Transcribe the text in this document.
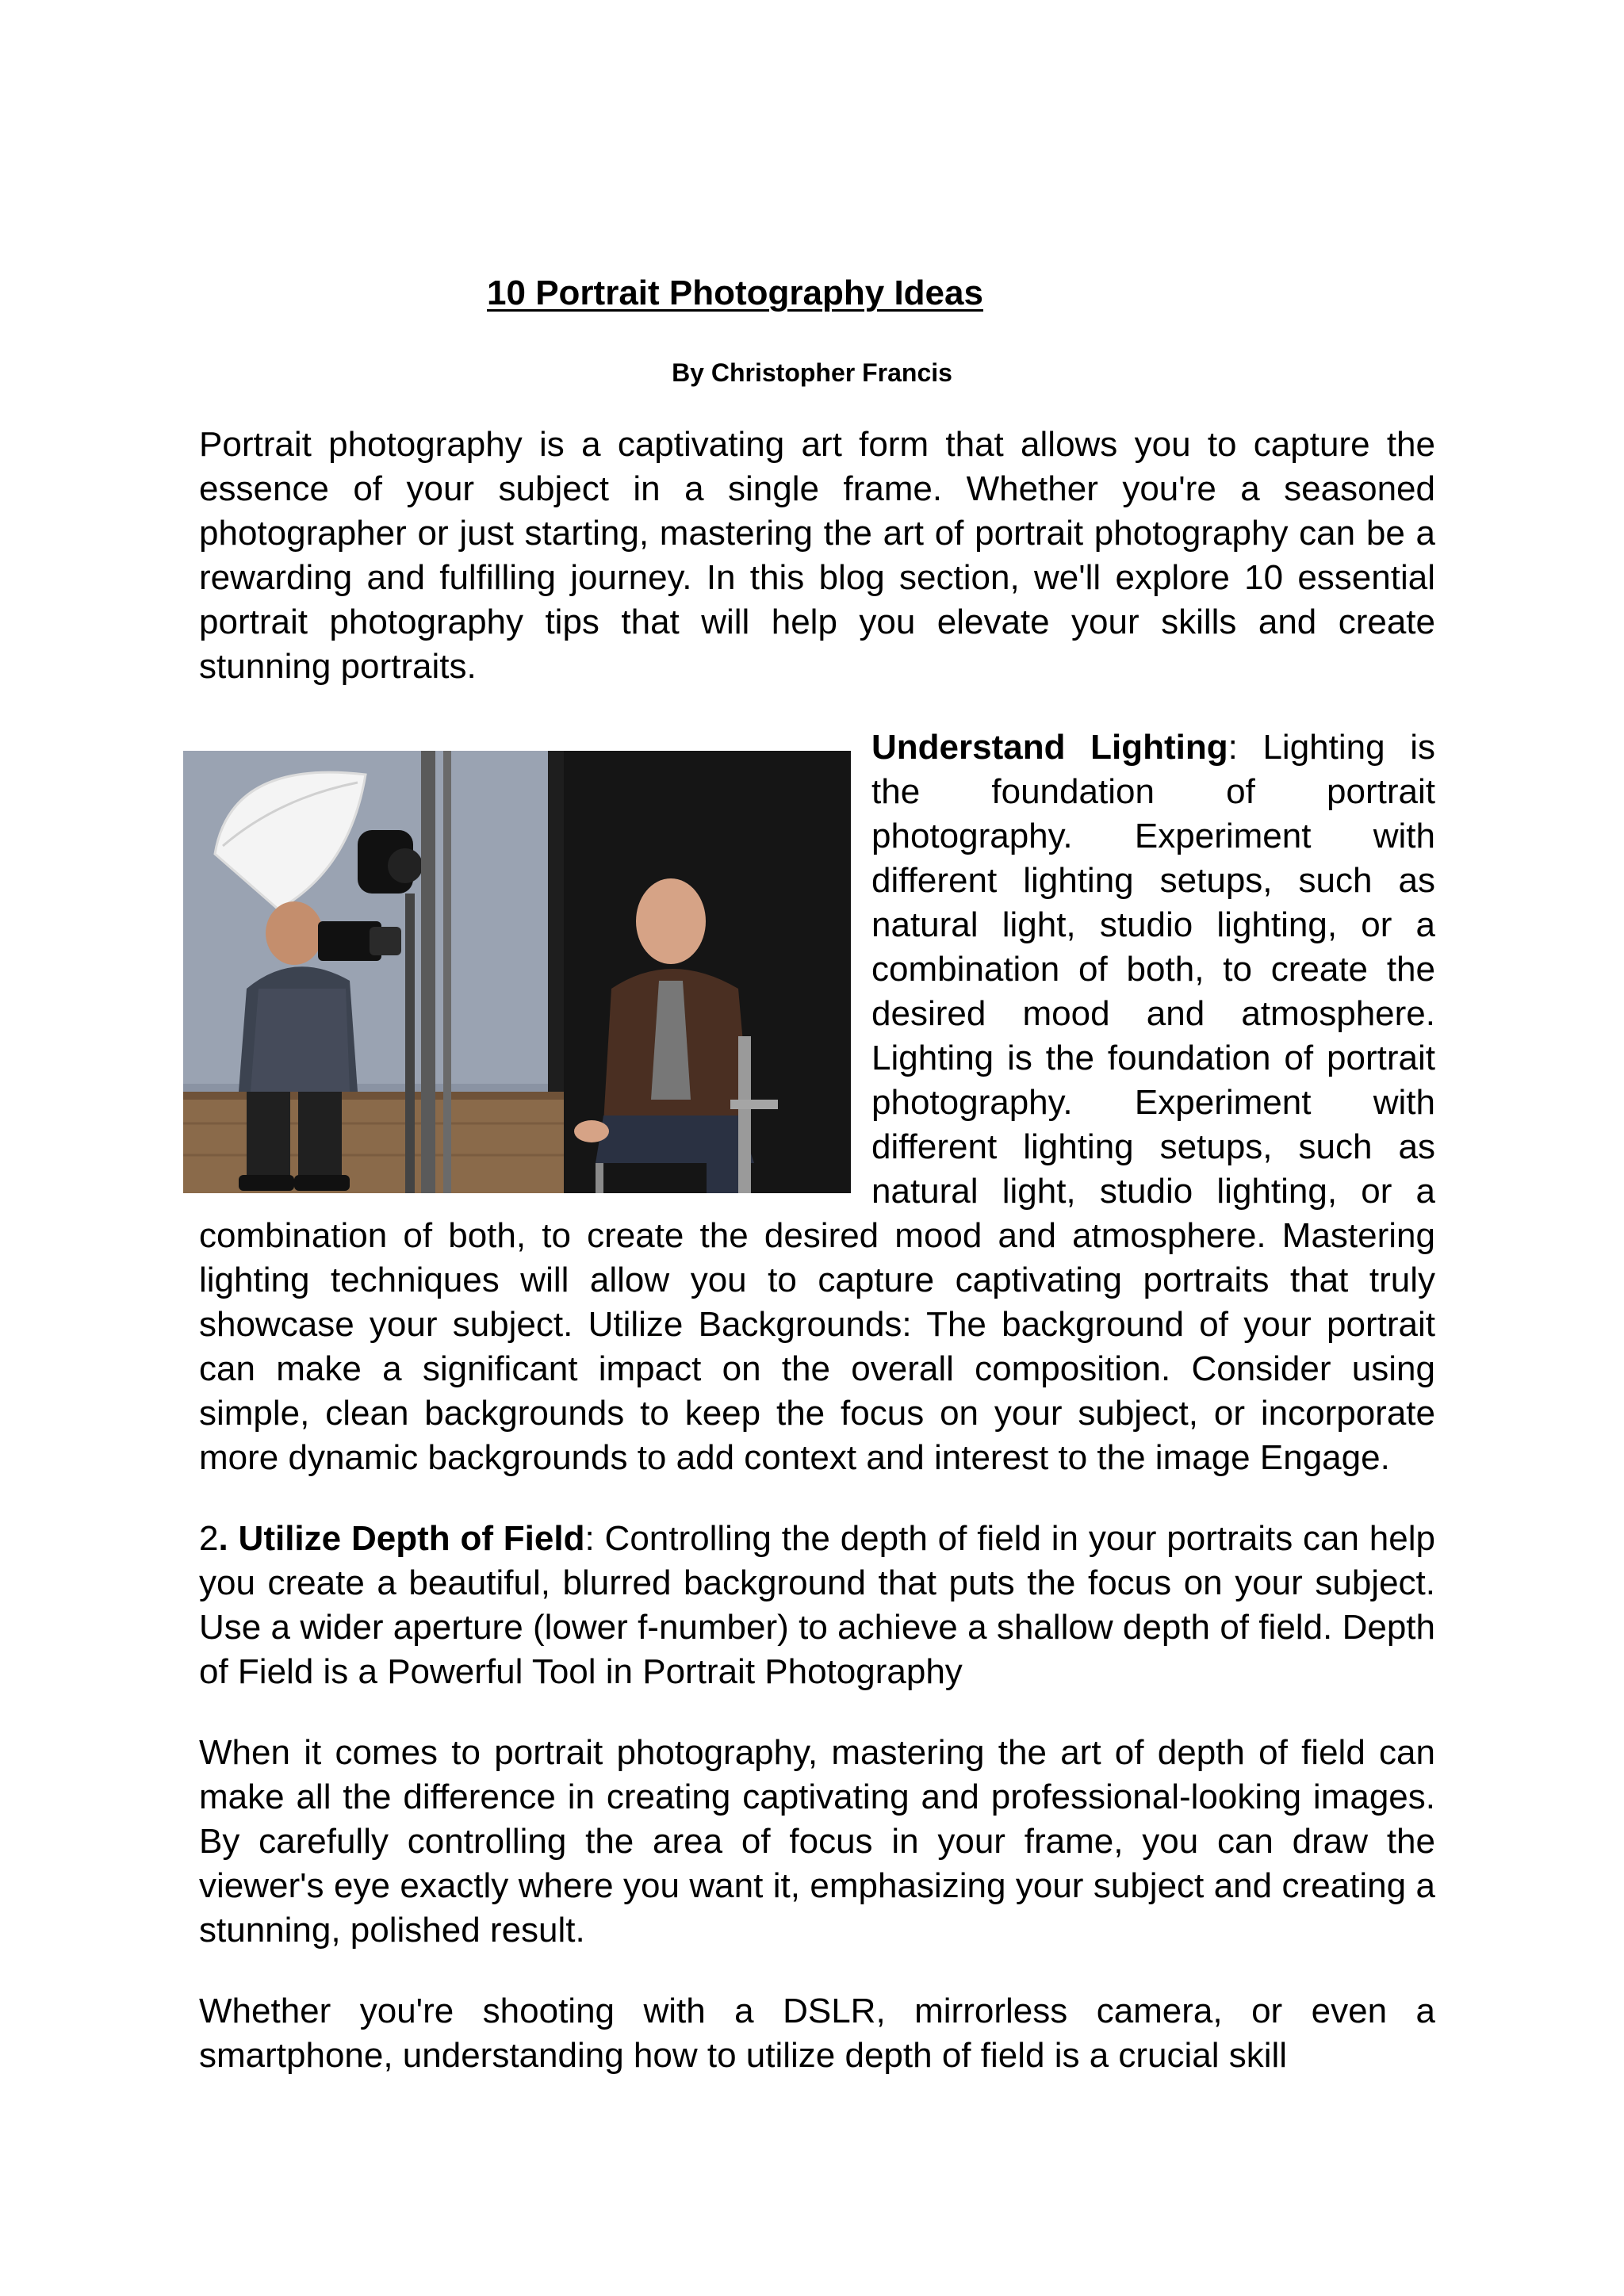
10 Portrait Photography Ideas
By Christopher Francis

Portrait photography is a captivating art form that allows you to capture the essence of your subject in a single frame. Whether you're a seasoned photographer or just starting, mastering the art of portrait photography can be a rewarding and fulfilling journey. In this blog section, we'll explore 10 essential portrait photography tips that will help you elevate your skills and create stunning portraits.

Understand Lighting: Lighting is the foundation of portrait photography. Experiment with different lighting setups, such as natural light, studio lighting, or a combination of both, to create the desired mood and atmosphere. Lighting is the foundation of portrait photography. Experiment with different lighting setups, such as natural light, studio lighting, or a combination of both, to create the desired mood and atmosphere. Mastering lighting techniques will allow you to capture captivating portraits that truly showcase your subject. Utilize Backgrounds: The background of your portrait can make a significant impact on the overall composition. Consider using simple, clean backgrounds to keep the focus on your subject, or incorporate more dynamic backgrounds to add context and interest to the image Engage.

2. Utilize Depth of Field: Controlling the depth of field in your portraits can help you create a beautiful, blurred background that puts the focus on your subject. Use a wider aperture (lower f-number) to achieve a shallow depth of field. Depth of Field is a Powerful Tool in Portrait Photography

When it comes to portrait photography, mastering the art of depth of field can make all the difference in creating captivating and professional-looking images. By carefully controlling the area of focus in your frame, you can draw the viewer's eye exactly where you want it, emphasizing your subject and creating a stunning, polished result.

Whether you're shooting with a DSLR, mirrorless camera, or even a smartphone, understanding how to utilize depth of field is a crucial skill
